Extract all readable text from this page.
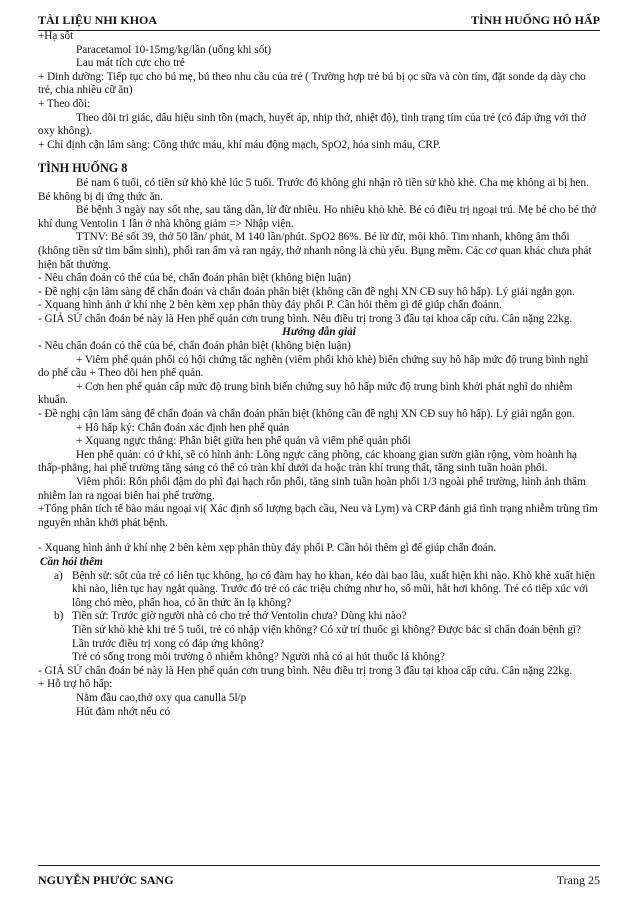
TÀI LIỆU NHI KHOA	TÌNH HUỐNG HÔ HẤP

+Hạ sốt

Paracetamol 10-15mg/kg/lần (uống khi sốt)

Lau mát tích cực cho trẻ

+ Dinh dưỡng: Tiếp tục cho bú mẹ, bú theo nhu cầu của trẻ ( Trường hợp trẻ bú bị ọc sữa và còn tím, đặt sonde dạ dày cho trẻ, chia nhiều cữ ăn)

+ Theo dõi:

Theo dõi tri giác, dấu hiệu sinh tồn (mạch, huyết áp, nhịp thở, nhiệt độ), tình trạng tím của trẻ (có đáp ứng với thở oxy không).

+ Chỉ định cận lâm sàng: Công thức máu, khí máu động mạch, SpO2, hóa sinh máu, CRP.

TÌNH HUỐNG 8

Bé nam 6 tuổi, có tiền sử khò khè lúc 5 tuổi. Trước đó không ghi nhận rõ tiền sử khò khè. Cha mẹ không ai bị hen. Bé không bị dị ứng thức ăn.

Bé bệnh 3 ngày nay sốt nhẹ, sau tăng dần, lừ đừ nhiều. Ho nhiều khò khè. Bé có điều trị ngoại trú. Mẹ bé cho bé thở khí dung Ventolin 1 lần ở nhà không giảm => Nhập viện.

TTNV: Bé sốt 39, thở 50 lần/ phút, M 140 lần/phút. SpO2 86%. Bé lừ đừ, môi khô. Tim nhanh, không âm thổi (không tiền sử tim bẩm sinh), phổi ran ẩm và ran ngáy, thở nhanh nông là chủ yếu. Bụng mềm. Các cơ quan khác chưa phát hiện bất thường.

- Nêu chẩn đoán có thể của bé, chẩn đoán phân biệt (không biện luận)

- Đề nghị cận lâm sàng để chẩn đoán và chẩn đoán phân biệt (không cần đề nghị XN CĐ suy hô hấp). Lý giải ngắn gọn.

- Xquang hình ảnh ứ khí nhẹ 2 bên kèm xẹp phân thùy đáy phổi P. Cần hỏi thêm gì để giúp chẩn đoánn.

- GIẢ SỬ chẩn đoán bé này là Hen phế quản cơn trung bình. Nêu điều trị trong 3 đầu tại khoa cấp cứu. Cân nặng 22kg.

Hướng dẫn giải

- Nêu chẩn đoán có thể của bé, chẩn đoán phân biệt (không biện luận)

+ Viêm phế quản phổi có hội chứng tắc nghẽn (viêm phổi khò khè) biến chứng suy hô hấp mức độ trung bình nghĩ do phế cầu + Theo dõi hen phế quản.

+ Cơn hen phế quản cấp mức độ trung bình biến chứng suy hô hấp mức độ trung bình khởi phát nghĩ do nhiễm khuẩn.

- Đề nghị cận lâm sàng để chẩn đoán và chẩn đoán phân biệt (không cần đề nghị XN CĐ suy hô hấp). Lý giải ngắn gọn.

+ Hô hấp ký: Chẩn đoán xác định hen phế quản

+ Xquang ngực thẳng: Phân biệt giữa hen phế quản và viêm phế quản phổi

Hen phế quản: có ứ khí, sẽ có hình ảnh: Lồng ngực căng phồng, các khoang gian sườn giãn rộng, vòm hoành hạ thấp-phẳng, hai phế trường tăng sáng có thể có tràn khí dưới da hoặc tràn khí trung thất, tăng sinh tuần hoàn phổi.

Viêm phổi: Rốn phổi đậm do phì đại hạch rốn phổi, tăng sinh tuần hoàn phổi 1/3 ngoài phế trường, hình ảnh thâm nhiễm lan ra ngoại biên hai phế trường.

+Tổng phân tích tế bào máu ngoại vi( Xác định số lượng bạch cầu, Neu và Lym) và CRP đánh giá tình trạng nhiễm trùng tìm nguyên nhân khởi phát bệnh.

- Xquang hình ảnh ứ khí nhẹ 2 bên kèm xẹp phân thùy đáy phổi P. Cần hỏi thêm gì để giúp chẩn đoán.

Cần hỏi thêm

a) Bệnh sử: sốt của trẻ có liên tục không, ho có đàm hay ho khan, kéo dài bao lâu, xuất hiện khi nào. Khò khè xuất hiện khi nào, liên tục hay ngắt quãng. Trước đó trẻ có các triệu chứng như ho, sổ mũi, hắt hơi không. Trẻ có tiếp xúc với lông chó mèo, phấn hoa, có ăn thức ăn lạ không?

b) Tiền sử: Trước giờ người nhà có cho trẻ thở Ventolin chưa? Dùng khi nào?

Tiền sử khò khè khi trẻ 5 tuổi, trẻ có nhập viện không? Có xử trí thuốc gì không? Được bác sĩ chẩn đoán bệnh gì? Lần trước điều trị xong có đáp ứng không?

Trẻ có sống trong môi trường ô nhiễm không? Người nhà có ai hút thuốc lá không?

- GIẢ SỬ chẩn đoán bé này là Hen phế quản cơn trung bình. Nêu điều trị trong 3 đầu tại khoa cấp cứu. Cân nặng 22kg.

+ Hỗ trợ hô hấp:

Nằm đầu cao,thở oxy qua canulla 5l/p

Hút đàm nhớt nếu có

NGUYỄN PHƯỚC SANG	Trang 25
